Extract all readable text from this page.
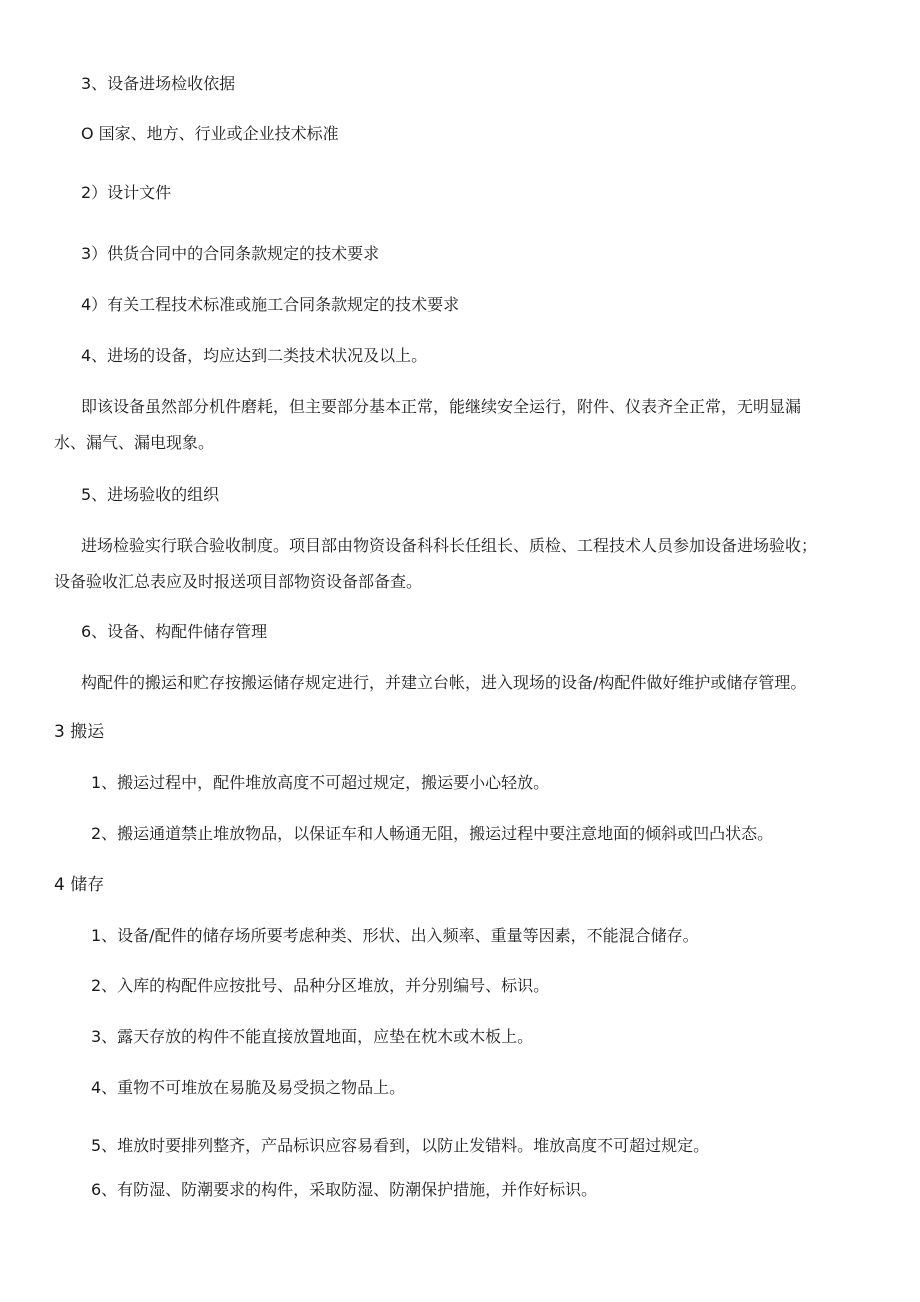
3、设备进场检收依据

O 国家、地方、行业或企业技术标准

2）设计文件

3）供货合同中的合同条款规定的技术要求

4）有关工程技术标准或施工合同条款规定的技术要求

4、进场的设备，均应达到二类技术状况及以上。

即该设备虽然部分机件磨耗，但主要部分基本正常，能继续安全运行，附件、仪表齐全正常，无明显漏

水、漏气、漏电现象。

5、进场验收的组织

进场检验实行联合验收制度。项目部由物资设备科科长任组长、质检、工程技术人员参加设备进场验收；

设备验收汇总表应及时报送项目部物资设备部备查。

6、设备、构配件储存管理

构配件的搬运和贮存按搬运储存规定进行，并建立台帐，进入现场的设备/构配件做好维护或储存管理。

3 搬运

1、搬运过程中，配件堆放高度不可超过规定，搬运要小心轻放。

2、搬运通道禁止堆放物品，以保证车和人畅通无阻，搬运过程中要注意地面的倾斜或凹凸状态。

4 储存

1、设备/配件的储存场所要考虑种类、形状、出入频率、重量等因素，不能混合储存。

2、入库的构配件应按批号、品种分区堆放，并分别编号、标识。

3、露天存放的构件不能直接放置地面，应垫在枕木或木板上。

4、重物不可堆放在易脆及易受损之物品上。

5、堆放时要排列整齐，产品标识应容易看到，以防止发错料。堆放高度不可超过规定。

6、有防湿、防潮要求的构件，采取防湿、防潮保护措施，并作好标识。
